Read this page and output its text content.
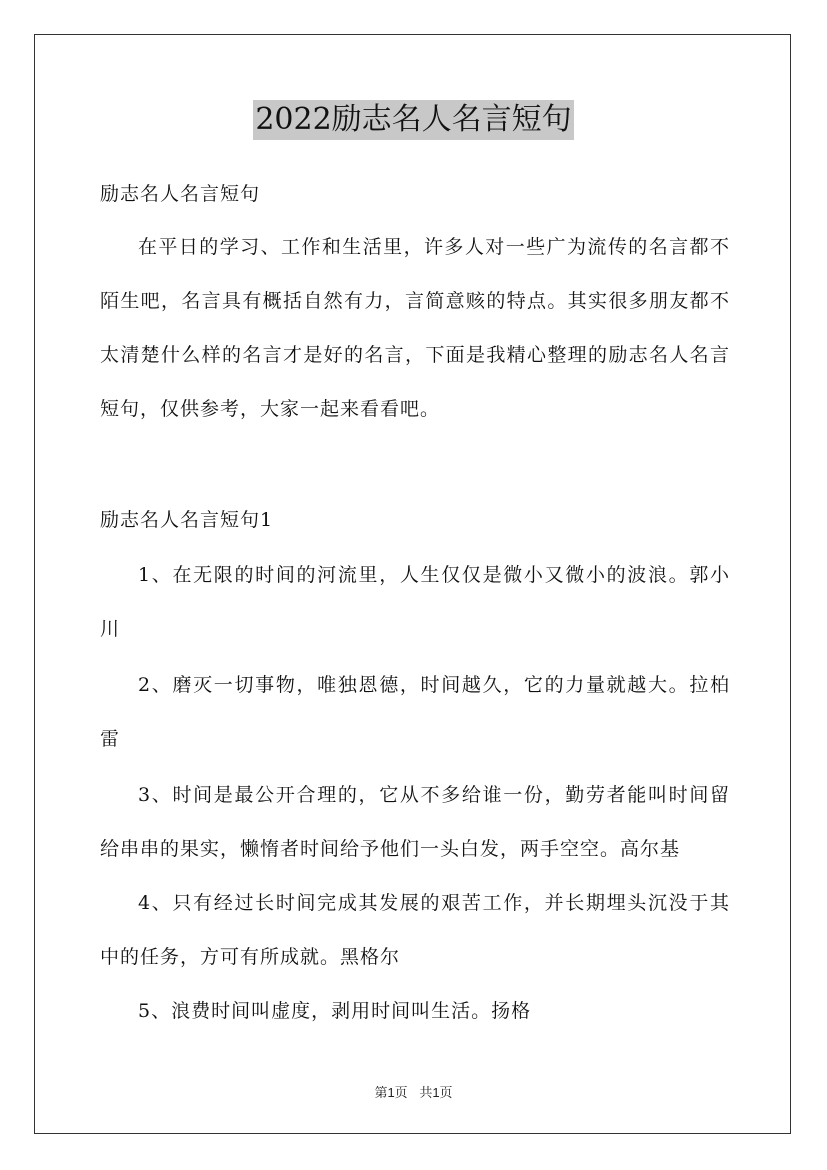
2022励志名人名言短句

励志名人名言短句

在平日的学习、工作和生活里，许多人对一些广为流传的名言都不陌生吧，名言具有概括自然有力，言简意赅的特点。其实很多朋友都不太清楚什么样的名言才是好的名言，下面是我精心整理的励志名人名言短句，仅供参考，大家一起来看看吧。

励志名人名言短句1

1、在无限的时间的河流里，人生仅仅是微小又微小的波浪。郭小川

2、磨灭一切事物，唯独恩德，时间越久，它的力量就越大。拉柏雷

3、时间是最公开合理的，它从不多给谁一份，勤劳者能叫时间留给串串的果实，懒惰者时间给予他们一头白发，两手空空。高尔基

4、只有经过长时间完成其发展的艰苦工作，并长期埋头沉没于其中的任务，方可有所成就。黑格尔

5、浪费时间叫虚度，剥用时间叫生活。扬格

第1页 共1页
